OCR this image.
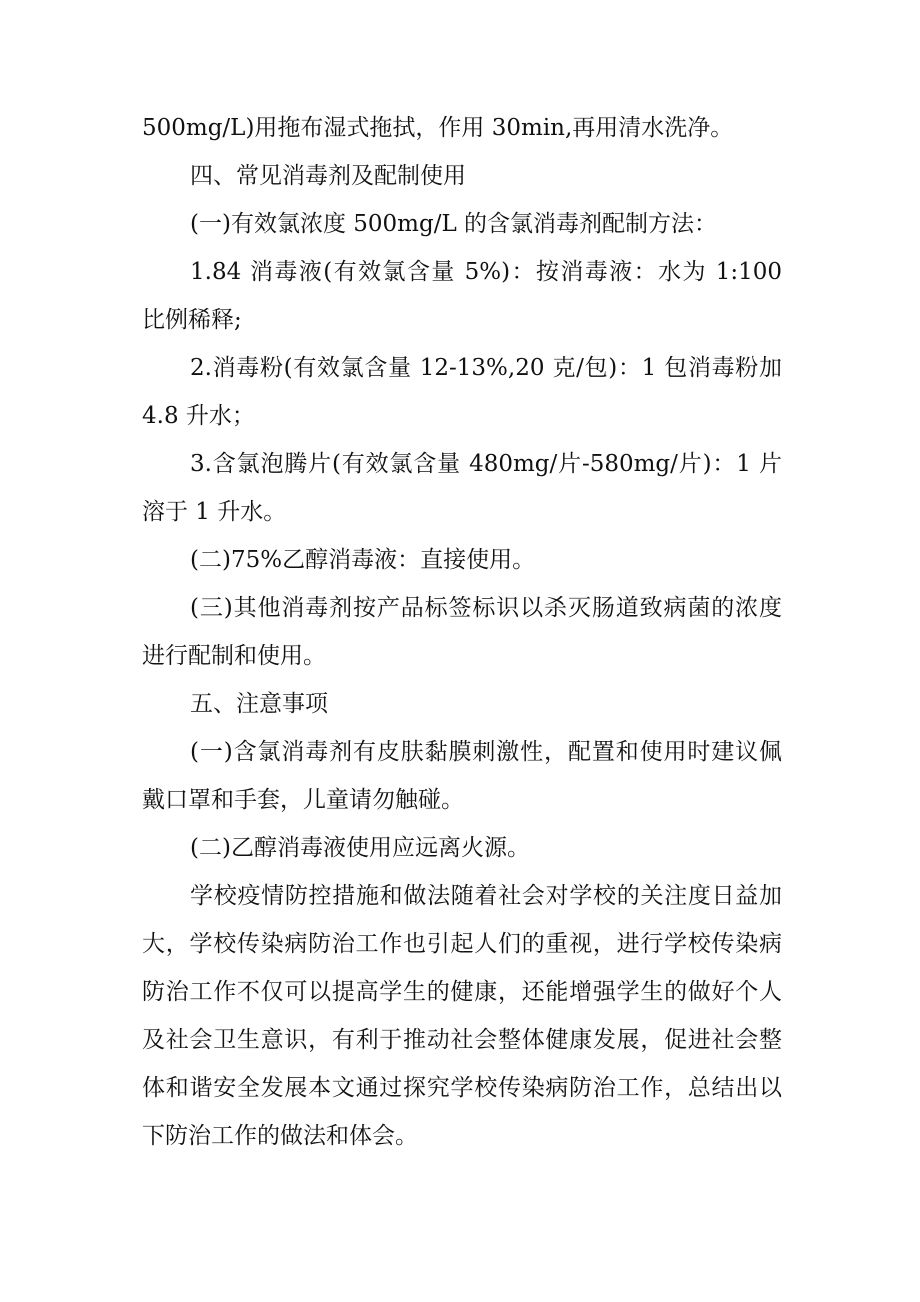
500mg/L)用拖布湿式拖拭，作用 30min,再用清水洗净。

四、常见消毒剂及配制使用

(一)有效氯浓度 500mg/L 的含氯消毒剂配制方法：

1.84 消毒液(有效氯含量 5%)：按消毒液：水为 1:100 比例稀释;

2.消毒粉(有效氯含量 12-13%,20 克/包)：1 包消毒粉加 4.8 升水；

3.含氯泡腾片(有效氯含量 480mg/片-580mg/片)：1 片溶于 1 升水。

(二)75%乙醇消毒液：直接使用。

(三)其他消毒剂按产品标签标识以杀灭肠道致病菌的浓度进行配制和使用。

五、注意事项

(一)含氯消毒剂有皮肤黏膜刺激性，配置和使用时建议佩戴口罩和手套，儿童请勿触碰。

(二)乙醇消毒液使用应远离火源。

学校疫情防控措施和做法随着社会对学校的关注度日益加大，学校传染病防治工作也引起人们的重视，进行学校传染病防治工作不仅可以提高学生的健康，还能增强学生的做好个人及社会卫生意识，有利于推动社会整体健康发展，促进社会整体和谐安全发展本文通过探究学校传染病防治工作，总结出以下防治工作的做法和体会。
